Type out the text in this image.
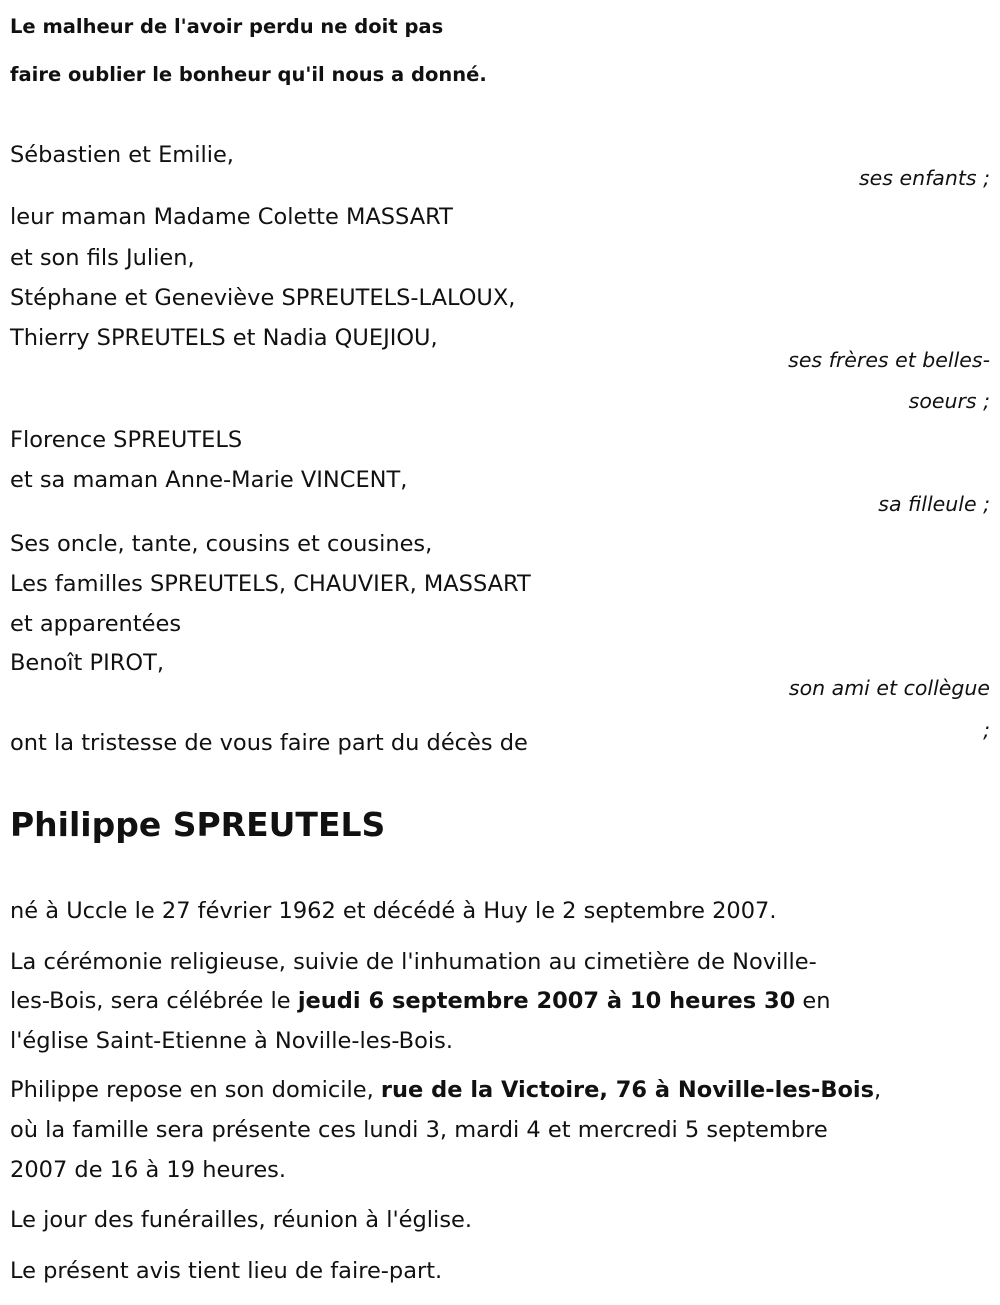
Le malheur de l'avoir perdu ne doit pas
faire oublier le bonheur qu'il nous a donné.
Sébastien et Emilie,
ses enfants ;
leur maman Madame Colette MASSART
et son fils Julien,
Stéphane et Geneviève SPREUTELS-LALOUX,
Thierry SPREUTELS et Nadia QUEJIOU,
ses frères et belles-
soeurs ;
Florence SPREUTELS
et sa maman Anne-Marie VINCENT,
sa filleule ;
Ses oncle, tante, cousins et cousines,
Les familles SPREUTELS, CHAUVIER, MASSART
et apparentées
Benoît PIROT,
son ami et collègue
;
ont la tristesse de vous faire part du décès de
Philippe SPREUTELS
né à Uccle le 27 février 1962 et décédé à Huy le 2 septembre 2007.
La cérémonie religieuse, suivie de l'inhumation au cimetière de Noville-
les-Bois, sera célébrée le jeudi 6 septembre 2007 à 10 heures 30 en
l'église Saint-Etienne à Noville-les-Bois.
Philippe repose en son domicile, rue de la Victoire, 76 à Noville-les-Bois,
où la famille sera présente ces lundi 3, mardi 4 et mercredi 5 septembre
2007 de 16 à 19 heures.
Le jour des funérailles, réunion à l'église.
Le présent avis tient lieu de faire-part.
